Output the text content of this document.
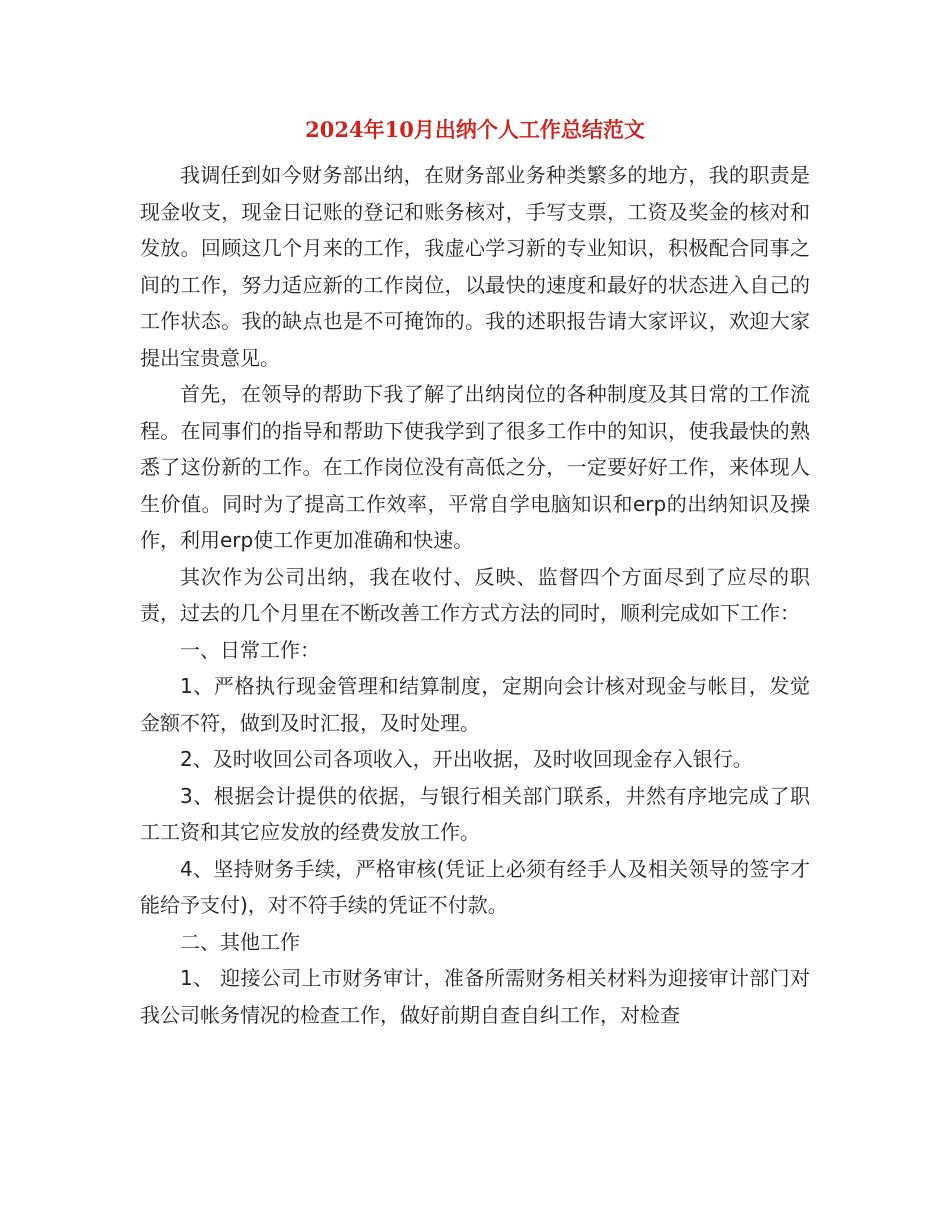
2024年10月出纳个人工作总结范文

我调任到如今财务部出纳，在财务部业务种类繁多的地方，我的职责是现金收支，现金日记账的登记和账务核对，手写支票，工资及奖金的核对和发放。回顾这几个月来的工作，我虚心学习新的专业知识，积极配合同事之间的工作，努力适应新的工作岗位，以最快的速度和最好的状态进入自己的工作状态。我的缺点也是不可掩饰的。我的述职报告请大家评议，欢迎大家提出宝贵意见。

首先，在领导的帮助下我了解了出纳岗位的各种制度及其日常的工作流程。在同事们的指导和帮助下使我学到了很多工作中的知识，使我最快的熟悉了这份新的工作。在工作岗位没有高低之分，一定要好好工作，来体现人生价值。同时为了提高工作效率，平常自学电脑知识和erp的出纳知识及操作，利用erp使工作更加准确和快速。

其次作为公司出纳，我在收付、反映、监督四个方面尽到了应尽的职责，过去的几个月里在不断改善工作方式方法的同时，顺利完成如下工作：

一、日常工作：

1、严格执行现金管理和结算制度，定期向会计核对现金与帐目，发觉金额不符，做到及时汇报，及时处理。

2、及时收回公司各项收入，开出收据，及时收回现金存入银行。

3、根据会计提供的依据，与银行相关部门联系，井然有序地完成了职工工资和其它应发放的经费发放工作。

4、坚持财务手续，严格审核(凭证上必须有经手人及相关领导的签字才能给予支付)，对不符手续的凭证不付款。

二、其他工作

1、 迎接公司上市财务审计，准备所需财务相关材料为迎接审计部门对我公司帐务情况的检查工作，做好前期自查自纠工作，对检查
